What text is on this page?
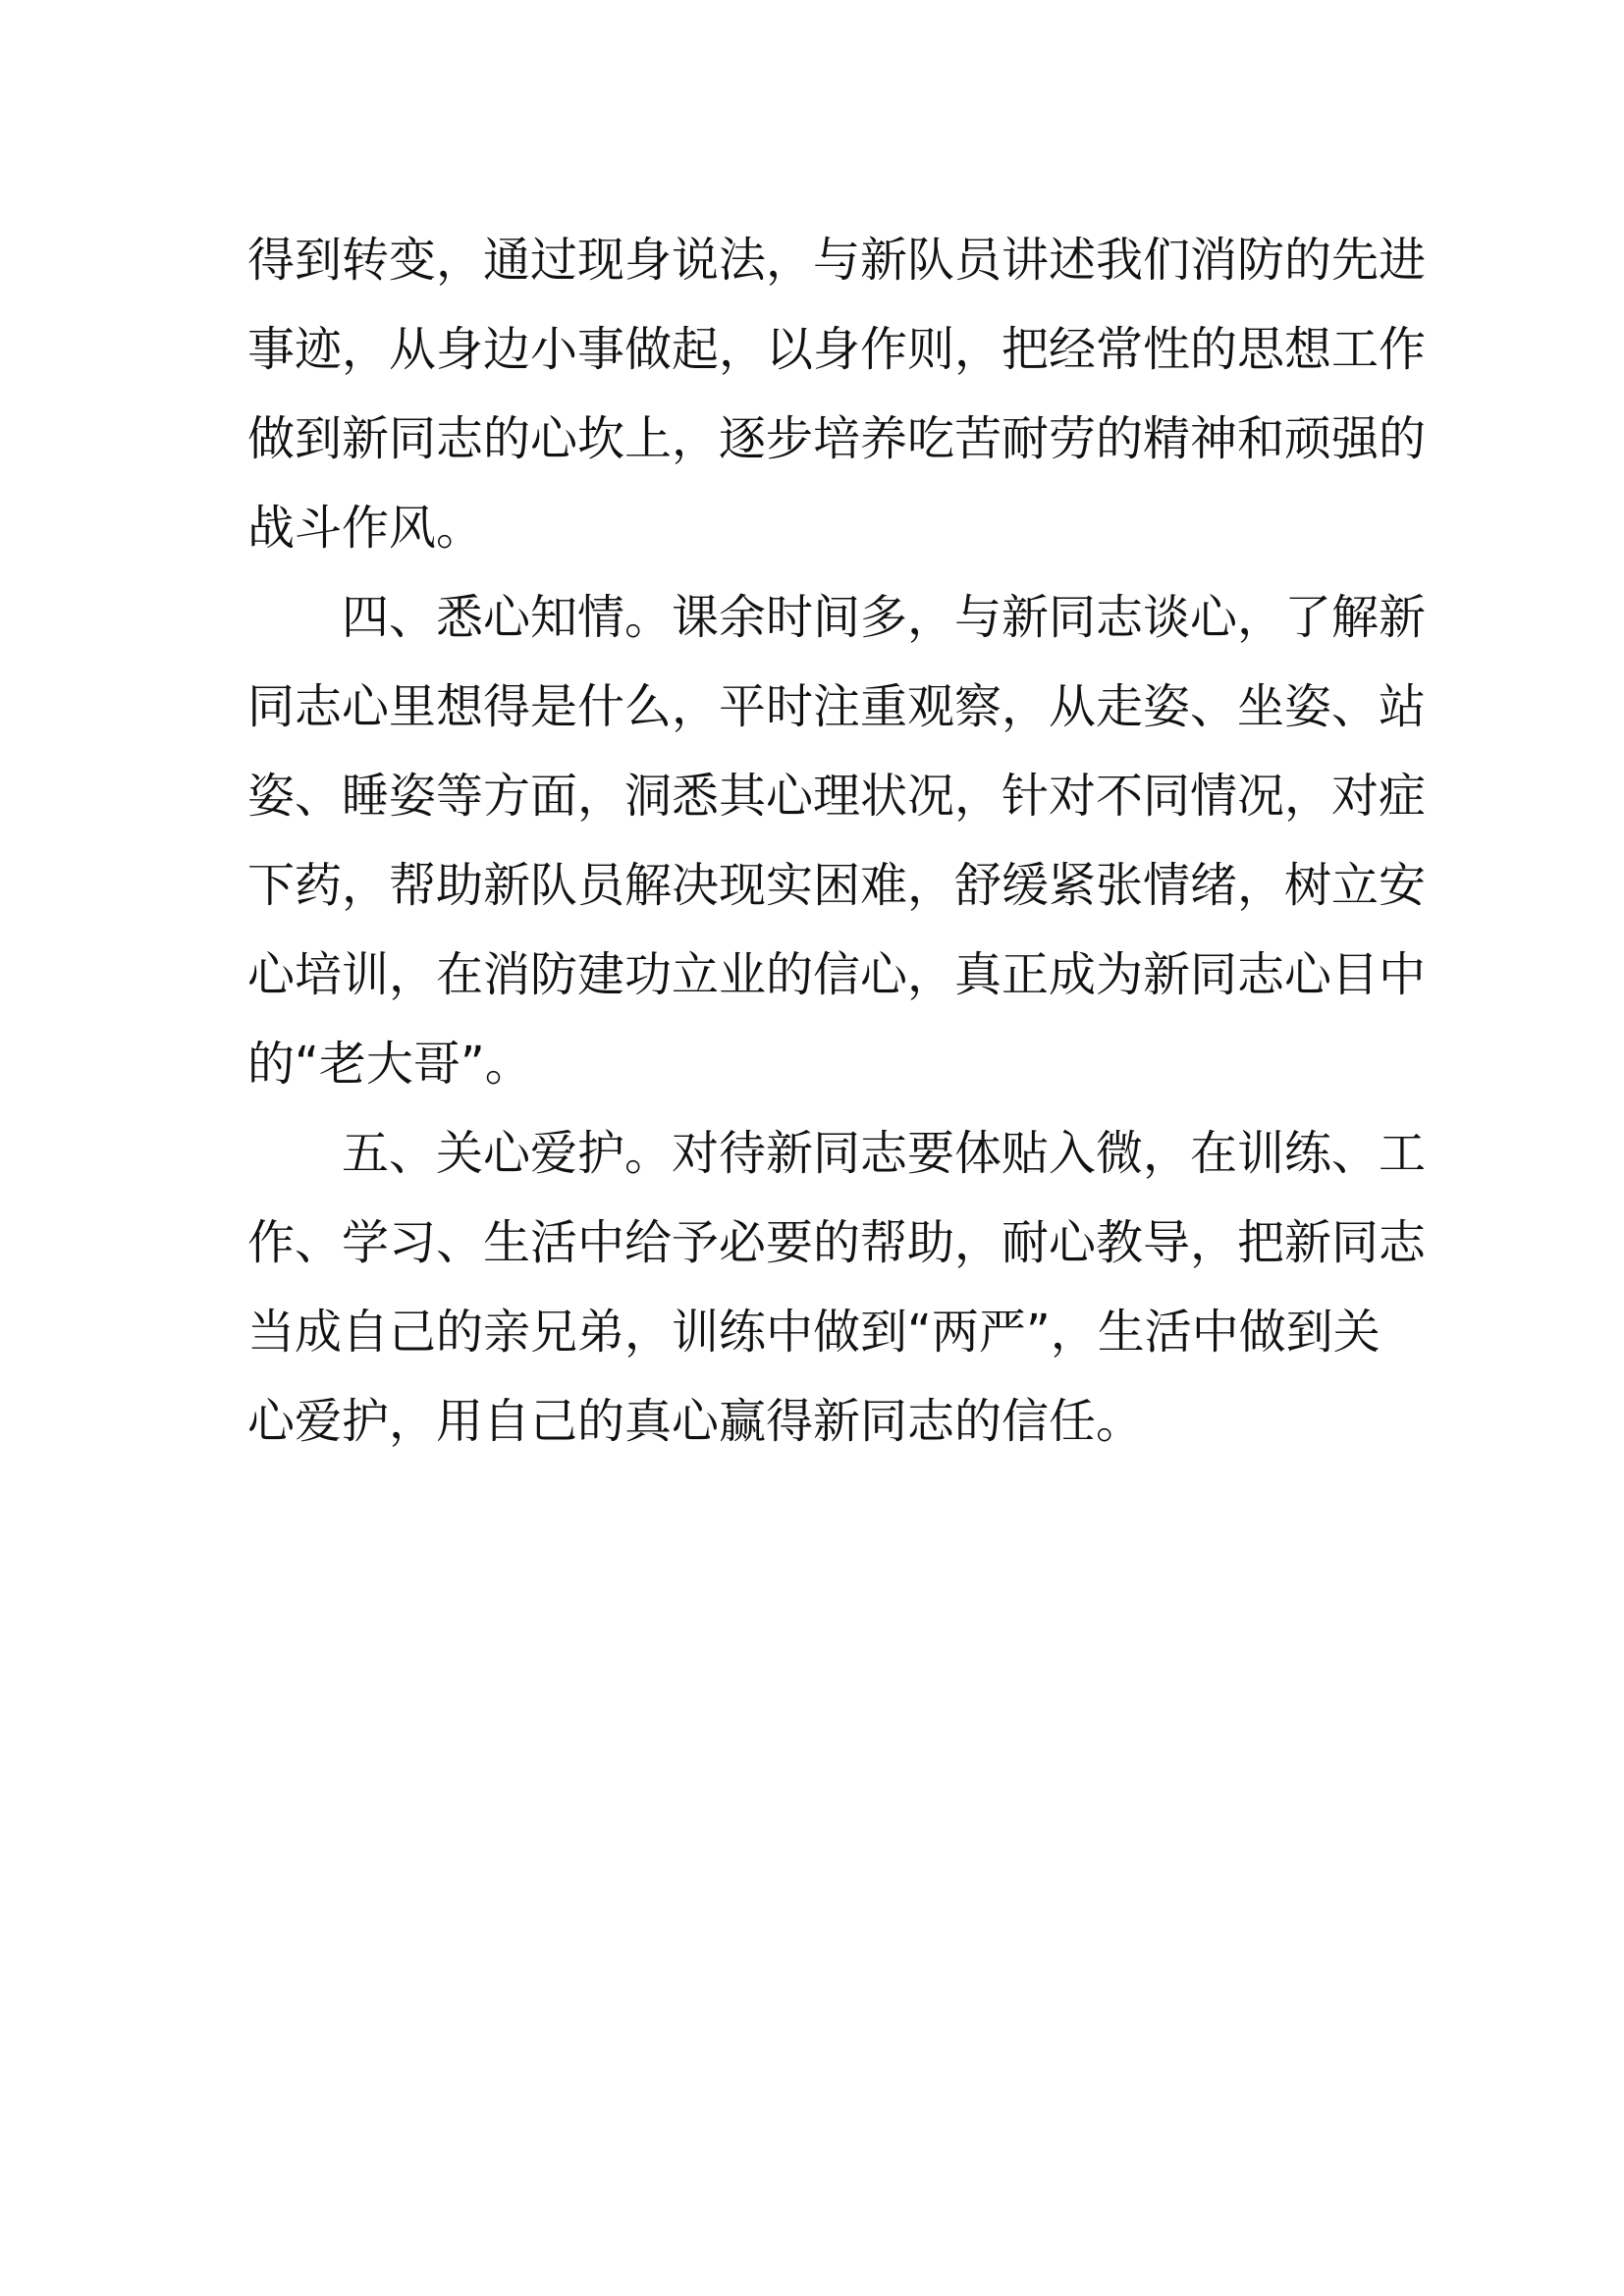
得到转变，通过现身说法，与新队员讲述我们消防的先进
事迹，从身边小事做起，以身作则，把经常性的思想工作
做到新同志的心坎上，逐步培养吃苦耐劳的精神和顽强的
战斗作风。
四、悉心知情。课余时间多，与新同志谈心，了解新
同志心里想得是什么，平时注重观察，从走姿、坐姿、站
姿、睡姿等方面，洞悉其心理状况，针对不同情况，对症
下药，帮助新队员解决现实困难，舒缓紧张情绪，树立安
心培训，在消防建功立业的信心，真正成为新同志心目中
的“老大哥”。
五、关心爱护。对待新同志要体贴入微，在训练、工
作、学习、生活中给予必要的帮助，耐心教导，把新同志
当成自己的亲兄弟，训练中做到“两严”，生活中做到关
心爱护，用自己的真心赢得新同志的信任。
